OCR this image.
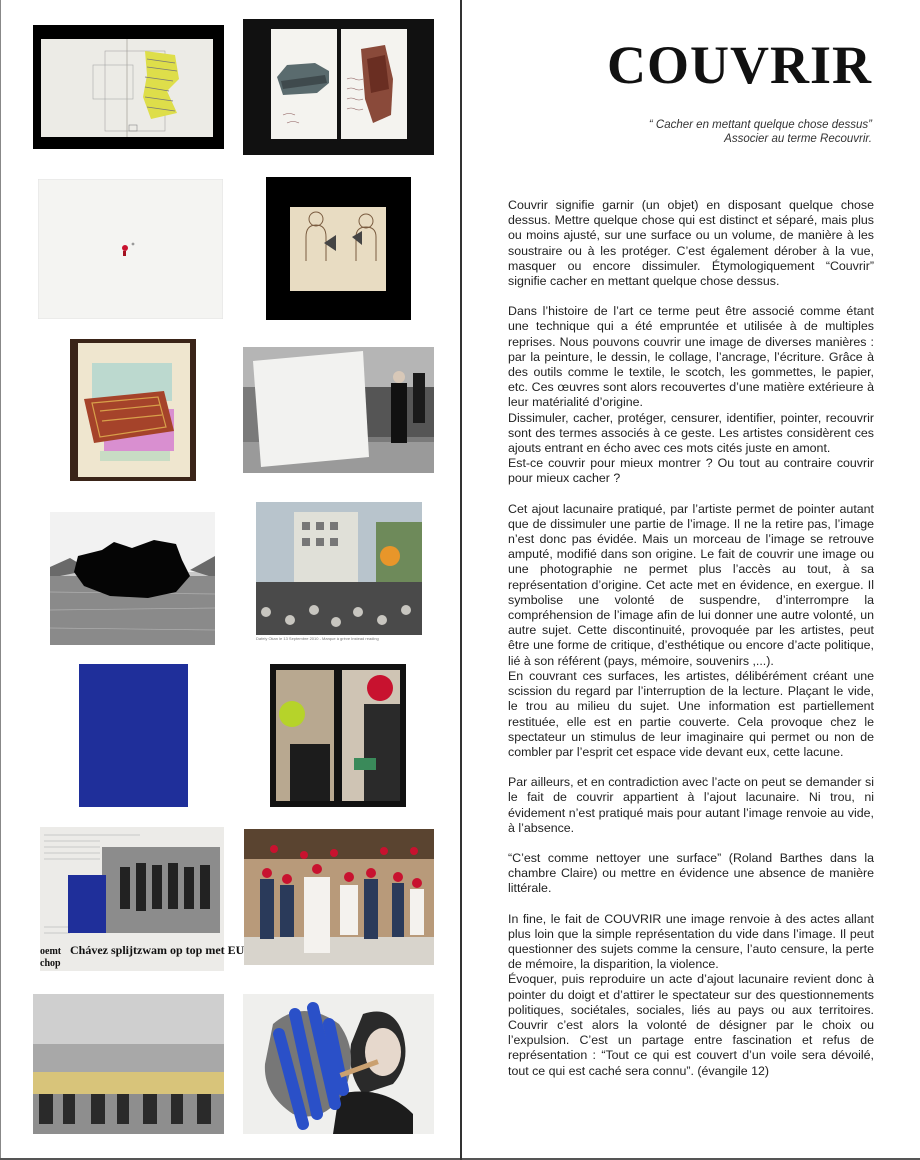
Dafeiy Okan le 13 Septembre 2010 - Marque à grève Instead reading
Chávez splijtzwam op top met EU
oemt
chop
COUVRIR
“ Cacher en mettant quelque chose dessus”
Associer au terme Recouvrir.

Couvrir signifie garnir (un objet) en disposant quelque chose dessus. Mettre quelque chose qui est distinct et séparé, mais plus ou moins ajusté, sur une surface ou un volume, de manière à les soustraire ou à les protéger. C’est également dérober à la vue, masquer ou encore dissimuler. Étymologiquement “Couvrir” signifie cacher en mettant quelque chose dessus.

Dans l’histoire de l’art ce terme peut être associé comme étant une technique qui a été empruntée et utilisée à de multiples reprises. Nous pouvons couvrir une image de diverses manières : par la peinture, le dessin, le collage, l’ancrage, l’écriture. Grâce à des outils comme le textile, le scotch, les gommettes, le papier, etc. Ces œuvres sont alors recouvertes d’une matière extérieure à leur matérialité d’origine.

Dissimuler, cacher, protéger, censurer, identifier, pointer, recouvrir sont des termes associés à ce geste. Les artistes considèrent ces ajouts entrant en écho avec ces mots cités juste en amont.

Est-ce couvrir pour mieux montrer ? Ou tout au contraire couvrir pour mieux cacher ?

Cet ajout lacunaire pratiqué, par l’artiste permet de pointer autant que de dissimuler une partie de l’image. Il ne la retire pas, l’image n’est donc pas évidée. Mais un morceau de l’image se retrouve amputé, modifié dans son origine. Le fait de couvrir une image ou une photographie ne permet plus l’accès au tout, à sa représentation d’origine. Cet acte met en évidence, en exergue. Il symbolise une volonté de suspendre, d’interrompre la compréhension de l’image afin de lui donner une autre volonté, un autre sujet. Cette discontinuité, provoquée par les artistes, peut être une forme de critique, d’esthétique ou encore d’acte politique, lié à son référent (pays, mémoire, souvenirs ,...).

En couvrant ces surfaces, les artistes, délibérément créant une scission du regard par l’interruption de la lecture. Plaçant le vide, le trou au milieu du sujet. Une information est partiellement restituée, elle est en partie couverte. Cela provoque chez le spectateur un stimulus de leur imaginaire qui permet ou non de combler par l’esprit cet espace vide devant eux, cette lacune.

Par ailleurs, et en contradiction avec l’acte on peut se demander si le fait de couvrir appartient à l’ajout lacunaire. Ni trou, ni évidement n’est pratiqué mais pour autant l’image renvoie au vide, à l’absence.

“C’est comme nettoyer une surface” (Roland Barthes dans la chambre Claire) ou mettre en évidence une absence de manière littérale.

In fine, le fait de COUVRIR une image renvoie à des actes allant plus loin que la simple représentation du vide dans l’image. Il peut questionner des sujets comme la censure, l’auto censure, la perte de mémoire, la disparition, la violence.

Évoquer, puis reproduire un acte d’ajout lacunaire revient donc à pointer du doigt et d’attirer le spectateur sur des questionnements politiques, sociétales, sociales, liés au pays ou aux territoires. Couvrir c’est alors la volonté de désigner par le choix ou l’expulsion. C’est un partage entre fascination et refus de représentation : “Tout ce qui est couvert d’un voile sera dévoilé, tout ce qui est caché sera connu”. (évangile 12)
